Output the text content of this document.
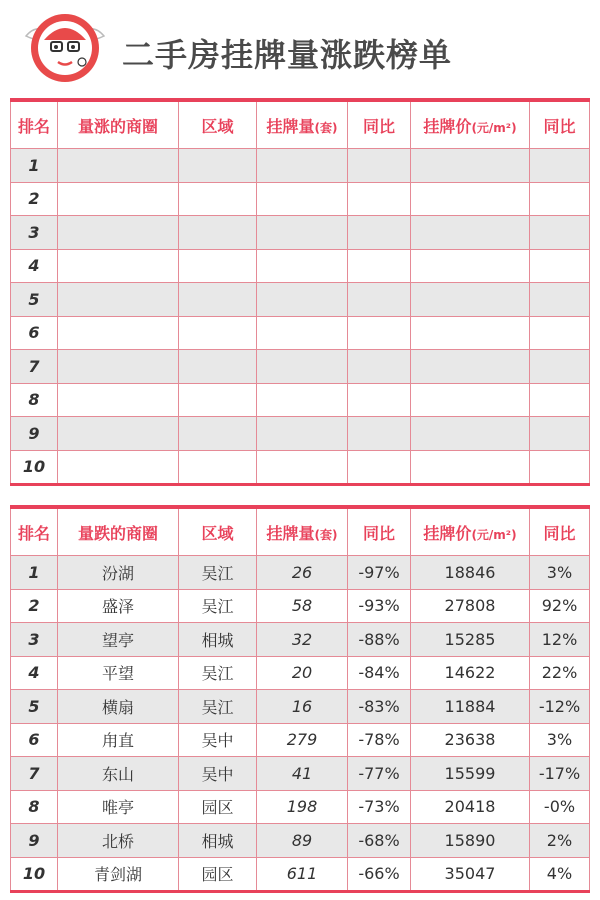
二手房挂牌量涨跌榜单
排名	量涨的商圈	区域	挂牌量(套)	同比	挂牌价(元/m²)	同比
1						
2						
3						
4						
5						
6						
7						
8						
9						
10						
排名	量跌的商圈	区域	挂牌量(套)	同比	挂牌价(元/m²)	同比
1	汾湖	吴江	26	-97%	18846	3%
2	盛泽	吴江	58	-93%	27808	92%
3	望亭	相城	32	-88%	15285	12%
4	平望	吴江	20	-84%	14622	22%
5	横扇	吴江	16	-83%	11884	-12%
6	甪直	吴中	279	-78%	23638	3%
7	东山	吴中	41	-77%	15599	-17%
8	唯亭	园区	198	-73%	20418	-0%
9	北桥	相城	89	-68%	15890	2%
10	青剑湖	园区	611	-66%	35047	4%
